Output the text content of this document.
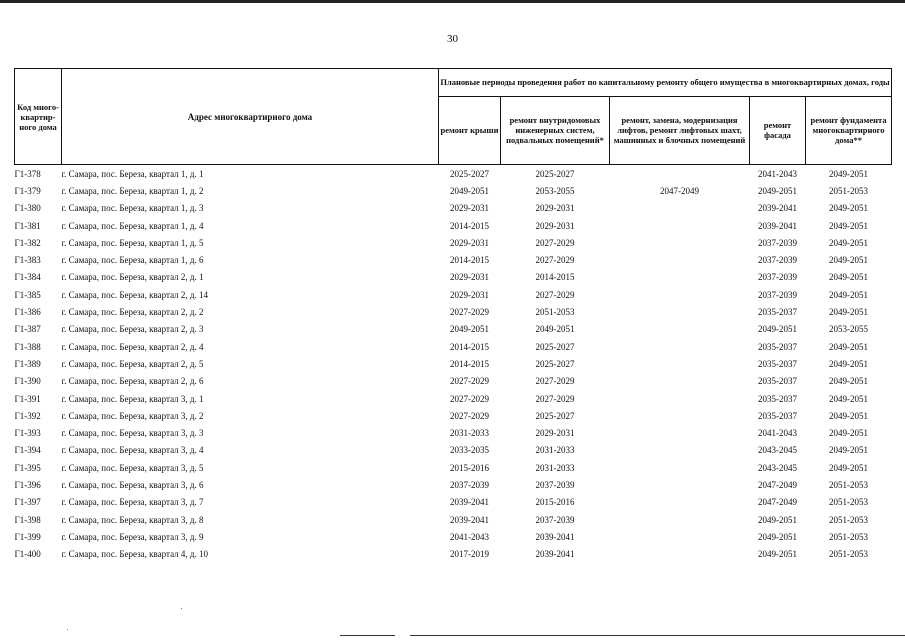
30
Код много-квартир-ного дома	Адрес многоквартирного дома	Плановые периоды проведения работ по капитальному ремонту общего имущества в многоквартирных домах, годы				
		ремонт крыши	ремонт внутридомовых инженерных систем, подвальных помещений*	ремонт, замена, модернизация лифтов, ремонт лифтовых шахт, машинных и блочных помещений	ремонт фасада	ремонт фундамента многоквартирного дома**
Г1-378	г. Самара, пос. Береза, квартал 1, д. 1	2025-2027	2025-2027		2041-2043	2049-2051
Г1-379	г. Самара, пос. Береза, квартал 1, д. 2	2049-2051	2053-2055	2047-2049	2049-2051	2051-2053
Г1-380	г. Самара, пос. Береза, квартал 1, д. 3	2029-2031	2029-2031		2039-2041	2049-2051
Г1-381	г. Самара, пос. Береза, квартал 1, д. 4	2014-2015	2029-2031		2039-2041	2049-2051
Г1-382	г. Самара, пос. Береза, квартал 1, д. 5	2029-2031	2027-2029		2037-2039	2049-2051
Г1-383	г. Самара, пос. Береза, квартал 1, д. 6	2014-2015	2027-2029		2037-2039	2049-2051
Г1-384	г. Самара, пос. Береза, квартал 2, д. 1	2029-2031	2014-2015		2037-2039	2049-2051
Г1-385	г. Самара, пос. Береза, квартал 2, д. 14	2029-2031	2027-2029		2037-2039	2049-2051
Г1-386	г. Самара, пос. Береза, квартал 2, д. 2	2027-2029	2051-2053		2035-2037	2049-2051
Г1-387	г. Самара, пос. Береза, квартал 2, д. 3	2049-2051	2049-2051		2049-2051	2053-2055
Г1-388	г. Самара, пос. Береза, квартал 2, д. 4	2014-2015	2025-2027		2035-2037	2049-2051
Г1-389	г. Самара, пос. Береза, квартал 2, д. 5	2014-2015	2025-2027		2035-2037	2049-2051
Г1-390	г. Самара, пос. Береза, квартал 2, д. 6	2027-2029	2027-2029		2035-2037	2049-2051
Г1-391	г. Самара, пос. Береза, квартал 3, д. 1	2027-2029	2027-2029		2035-2037	2049-2051
Г1-392	г. Самара, пос. Береза, квартал 3, д. 2	2027-2029	2025-2027		2035-2037	2049-2051
Г1-393	г. Самара, пос. Береза, квартал 3, д. 3	2031-2033	2029-2031		2041-2043	2049-2051
Г1-394	г. Самара, пос. Береза, квартал 3, д. 4	2033-2035	2031-2033		2043-2045	2049-2051
Г1-395	г. Самара, пос. Береза, квартал 3, д. 5	2015-2016	2031-2033		2043-2045	2049-2051
Г1-396	г. Самара, пос. Береза, квартал 3, д. 6	2037-2039	2037-2039		2047-2049	2051-2053
Г1-397	г. Самара, пос. Береза, квартал 3, д. 7	2039-2041	2015-2016		2047-2049	2051-2053
Г1-398	г. Самара, пос. Береза, квартал 3, д. 8	2039-2041	2037-2039		2049-2051	2051-2053
Г1-399	г. Самара, пос. Береза, квартал 3, д. 9	2041-2043	2039-2041		2049-2051	2051-2053
Г1-400	г. Самара, пос. Береза, квартал 4, д. 10	2017-2019	2039-2041		2049-2051	2051-2053
